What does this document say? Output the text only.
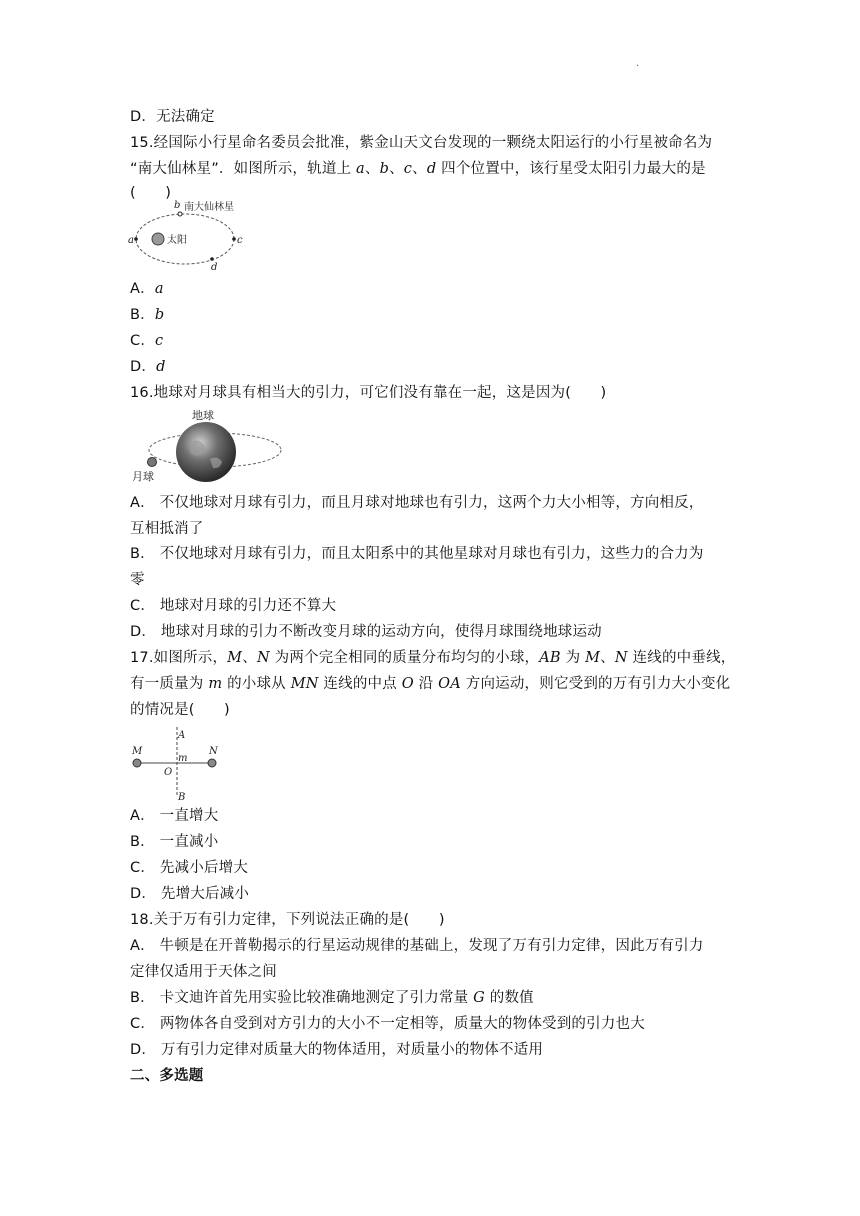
.
D．无法确定
15.经国际小行星命名委员会批准，紫金山天文台发现的一颗绕太阳运行的小行星被命名为
“南大仙林星”．如图所示，轨道上 a、b、c、d 四个位置中，该行星受太阳引力最大的是
(　　)
太阳
a
b 南大仙林星
c
d
A．a
B．b
C．c
D．d
16.地球对月球具有相当大的引力，可它们没有靠在一起，这是因为(　　)
地球
月球
A． 不仅地球对月球有引力，而且月球对地球也有引力，这两个力大小相等，方向相反，
互相抵消了
B． 不仅地球对月球有引力，而且太阳系中的其他星球对月球也有引力，这些力的合力为
零
C． 地球对月球的引力还不算大
D． 地球对月球的引力不断改变月球的运动方向，使得月球围绕地球运动
17.如图所示，M、N 为两个完全相同的质量分布均匀的小球，AB 为 M、N 连线的中垂线，
有一质量为 m 的小球从 MN 连线的中点 O 沿 OA 方向运动，则它受到的万有引力大小变化
的情况是(　　)
M	N
A
m
O
B
A． 一直增大
B． 一直减小
C． 先减小后增大
D． 先增大后减小
18.关于万有引力定律，下列说法正确的是(　　)
A． 牛顿是在开普勒揭示的行星运动规律的基础上，发现了万有引力定律，因此万有引力
定律仅适用于天体之间
B． 卡文迪许首先用实验比较准确地测定了引力常量 G 的数值
C． 两物体各自受到对方引力的大小不一定相等，质量大的物体受到的引力也大
D． 万有引力定律对质量大的物体适用，对质量小的物体不适用
二、多选题
